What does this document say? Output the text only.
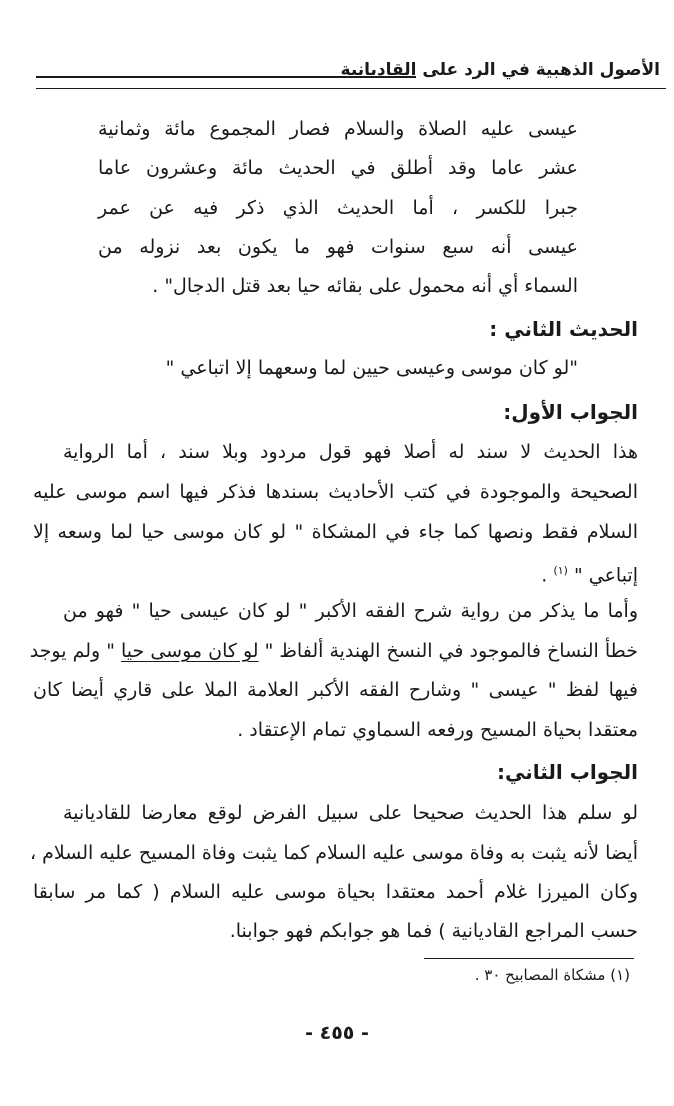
الأصول الذهبية في الرد على القاديانية
عيسى عليه الصلاة والسلام فصار المجموع مائة وثمانية
عشر عاما وقد أطلق في الحديث مائة وعشرون عاما
جبرا للكسر ، أما الحديث الذي ذكر فيه عن عمر
عيسى أنه سبع سنوات فهو ما يكون بعد نزوله من
السماء أي أنه محمول على بقائه حيا بعد قتل الدجال" .
الحديث الثاني :
"لو كان موسى وعيسى حيين لما وسعهما إلا اتباعي "
الجواب الأول:
هذا الحديث لا سند له أصلا فهو قول مردود وبلا سند ، أما الرواية
الصحيحة والموجودة في كتب الأحاديث بسندها فذكر فيها اسم موسى عليه
السلام فقط ونصها كما جاء في المشكاة " لو كان موسى حيا لما وسعه إلا
إتباعي " $^{(١)}$ .
وأما ما يذكر من رواية شرح الفقه الأكبر " لو كان عيسى حيا " فهو من
خطأ النساخ فالموجود في النسخ الهندية ألفاظ " لو كان موسى حيا " ولم يوجد
فيها لفظ " عيسى " وشارح الفقه الأكبر العلامة الملا على قاري أيضا كان
معتقدا بحياة المسيح ورفعه السماوي تمام الإعتقاد .
الجواب الثاني:
لو سلم هذا الحديث صحيحا على سبيل الفرض لوقع معارضا للقاديانية
أيضا لأنه يثبت به وفاة موسى عليه السلام كما يثبت وفاة المسيح عليه السلام ،
وكان الميرزا غلام أحمد معتقدا بحياة موسى عليه السلام ( كما مر سابقا
حسب المراجع القاديانية ) فما هو جوابكم فهو جوابنا.
(١) مشكاة المصابيح ٣٠ .
- ٤٥٥ -
